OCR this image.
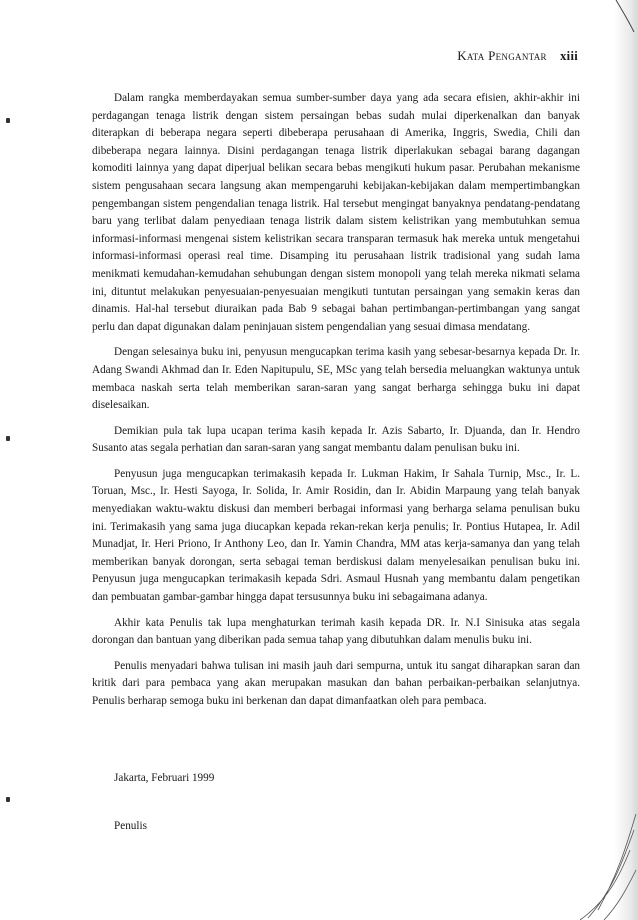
Kata Pengantar xiii

Dalam rangka memberdayakan semua sumber-sumber daya yang ada secara efisien, akhir-akhir ini perdagangan tenaga listrik dengan sistem persaingan bebas sudah mulai diperkenalkan dan banyak diterapkan di beberapa negara seperti dibeberapa perusahaan di Amerika, Inggris, Swedia, Chili dan dibeberapa negara lainnya. Disini perdagangan tenaga listrik diperlakukan sebagai barang dagangan komoditi lainnya yang dapat diperjual belikan secara bebas mengikuti hukum pasar. Perubahan mekanisme sistem pengusahaan secara langsung akan mempengaruhi kebijakan-kebijakan dalam mempertimbangkan pengembangan sistem pengendalian tenaga listrik. Hal tersebut mengingat banyaknya pendatang-pendatang baru yang terlibat dalam penyediaan tenaga listrik dalam sistem kelistrikan yang membutuhkan semua informasi-informasi mengenai sistem kelistrikan secara transparan termasuk hak mereka untuk mengetahui informasi-informasi operasi real time. Disamping itu perusahaan listrik tradisional yang sudah lama menikmati kemudahan-kemudahan sehubungan dengan sistem monopoli yang telah mereka nikmati selama ini, dituntut melakukan penyesuaian-penyesuaian mengikuti tuntutan persaingan yang semakin keras dan dinamis. Hal-hal tersebut diuraikan pada Bab 9 sebagai bahan pertimbangan-pertimbangan yang sangat perlu dan dapat digunakan dalam peninjauan sistem pengendalian yang sesuai dimasa mendatang.

Dengan selesainya buku ini, penyusun mengucapkan terima kasih yang sebesar-besarnya kepada Dr. Ir. Adang Swandi Akhmad dan Ir. Eden Napitupulu, SE, MSc yang telah bersedia meluangkan waktunya untuk membaca naskah serta telah memberikan saran-saran yang sangat berharga sehingga buku ini dapat diselesaikan.

Demikian pula tak lupa ucapan terima kasih kepada Ir. Azis Sabarto, Ir. Djuanda, dan Ir. Hendro Susanto atas segala perhatian dan saran-saran yang sangat membantu dalam penulisan buku ini.

Penyusun juga mengucapkan terimakasih kepada Ir. Lukman Hakim, Ir Sahala Turnip, Msc., Ir. L. Toruan, Msc., Ir. Hesti Sayoga, Ir. Solida, Ir. Amir Rosidin, dan Ir. Abidin Marpaung yang telah banyak menyediakan waktu-waktu diskusi dan memberi berbagai informasi yang berharga selama penulisan buku ini. Terimakasih yang sama juga diucapkan kepada rekan-rekan kerja penulis; Ir. Pontius Hutapea, Ir. Adil Munadjat, Ir. Heri Priono, Ir Anthony Leo, dan Ir. Yamin Chandra, MM atas kerja-samanya dan yang telah memberikan banyak dorongan, serta sebagai teman berdiskusi dalam menyelesaikan penulisan buku ini. Penyusun juga mengucapkan terimakasih kepada Sdri. Asmaul Husnah yang membantu dalam pengetikan dan pembuatan gambar-gambar hingga dapat tersusunnya buku ini sebagaimana adanya.

Akhir kata Penulis tak lupa menghaturkan terimah kasih kepada DR. Ir. N.I Sinisuka atas segala dorongan dan bantuan yang diberikan pada semua tahap yang dibutuhkan dalam menulis buku ini.

Penulis menyadari bahwa tulisan ini masih jauh dari sempurna, untuk itu sangat diharapkan saran dan kritik dari para pembaca yang akan merupakan masukan dan bahan perbaikan-perbaikan selanjutnya. Penulis berharap semoga buku ini berkenan dan dapat dimanfaatkan oleh para pembaca.

Jakarta, Februari 1999
Penulis
